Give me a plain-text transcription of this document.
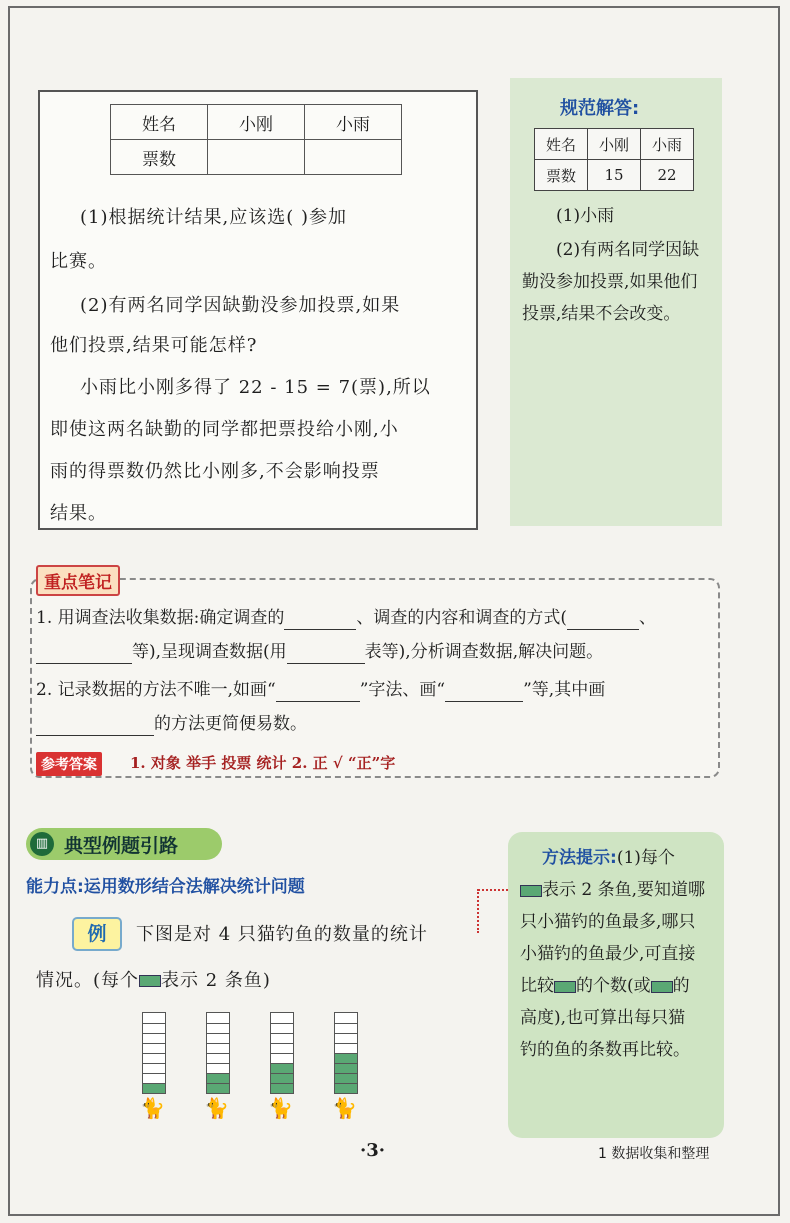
姓名	小刚	小雨
票数		
(1)根据统计结果,应该选( )参加
比赛。
(2)有两名同学因缺勤没参加投票,如果
他们投票,结果可能怎样?
小雨比小刚多得了 22 - 15 = 7(票),所以
即使这两名缺勤的同学都把票投给小刚,小
雨的得票数仍然比小刚多,不会影响投票
结果。
规范解答:
姓名	小刚	小雨
票数	15	22
(1)小雨
(2)有两名同学因缺
勤没参加投票,如果他们
投票,结果不会改变。
重点笔记
1. 用调查法收集数据:确定调查的	、调查的内容和调查的方式(	、
等),呈现调查数据(用	表等),分析调查数据,解决问题。
2. 记录数据的方法不唯一,如画“	”字法、画“	”等,其中画
的方法更简便易数。
参考答案	1. 对象 举手 投票 统计 2. 正 √ “正”字
▥ 典型例题引路
能力点:运用数形结合法解决统计问题
例	下图是对 4 只猫钓鱼的数量的统计
情况。(每个 表示 2 条鱼)
🐈 🐈 🐈 🐈
方法提示:(1)每个
表示 2 条鱼,要知道哪
只小猫钓的鱼最多,哪只
小猫钓的鱼最少,可直接
比较 的个数(或 的
高度),也可算出每只猫
钓的鱼的条数再比较。
·3·	1 数据收集和整理
